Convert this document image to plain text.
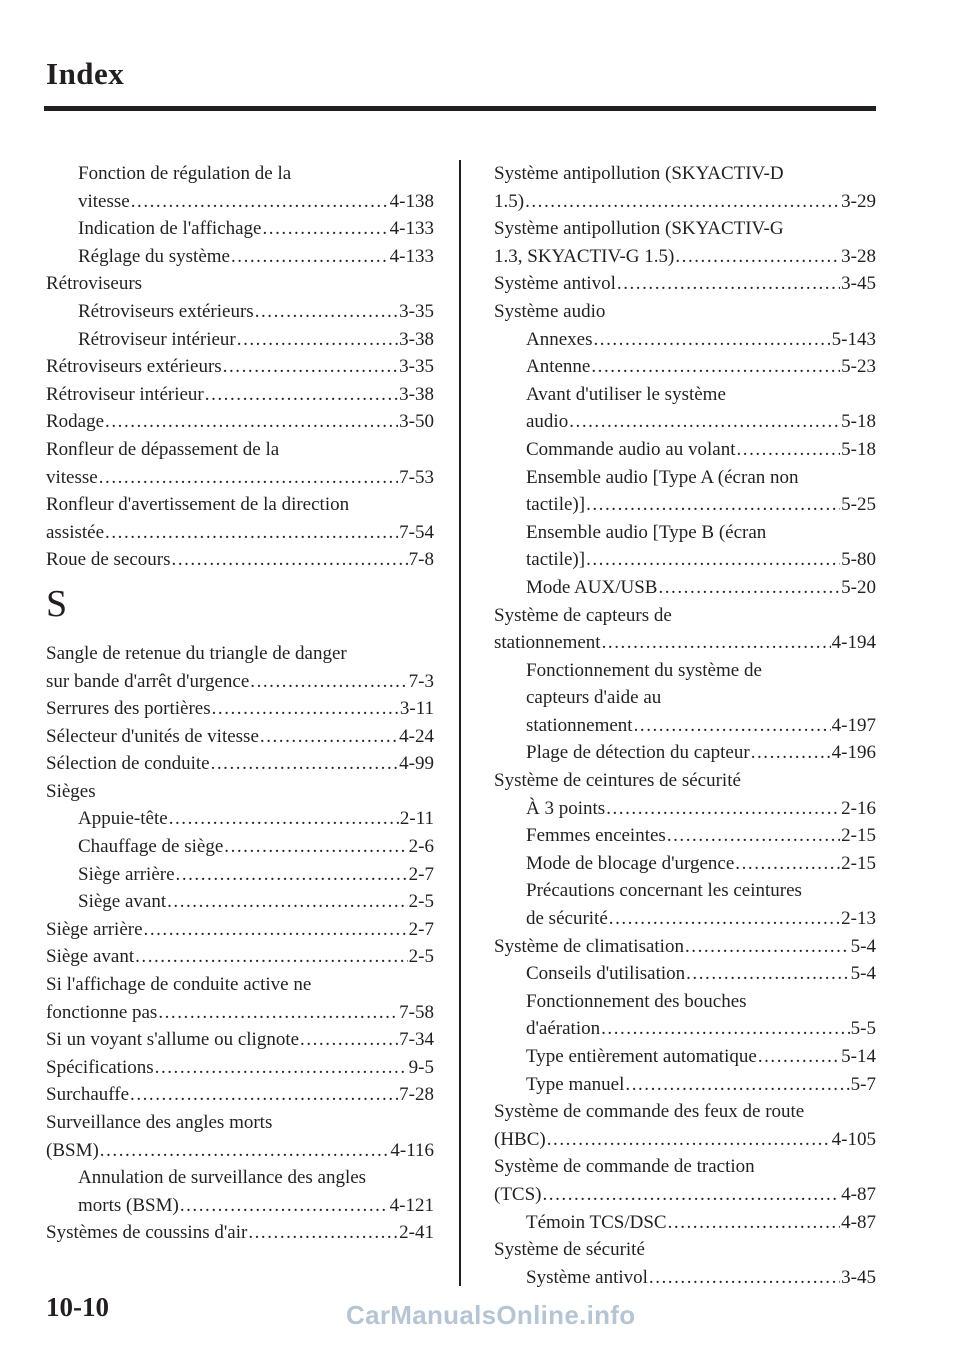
Index
Fonction de régulation de la
vitesse . . .	4-138
Indication de l'affichage . . .	4-133
Réglage du système . . .	4-133
Rétroviseurs
Rétroviseurs extérieurs . . .	3-35
Rétroviseur intérieur . . .	3-38
Rétroviseurs extérieurs . . .	3-35
Rétroviseur intérieur . . .	3-38
Rodage . . .	3-50
Ronfleur de dépassement de la
vitesse . . .	7-53
Ronfleur d'avertissement de la direction
assistée . . .	7-54
Roue de secours . . .	7-8
S
Sangle de retenue du triangle de danger
sur bande d'arrêt d'urgence . . .	7-3
Serrures des portières . . .	3-11
Sélecteur d'unités de vitesse . . .	4-24
Sélection de conduite . . .	4-99
Sièges
Appuie-tête . . .	2-11
Chauffage de siège . . .	2-6
Siège arrière . . .	2-7
Siège avant . . .	2-5
Siège arrière . . .	2-7
Siège avant . . .	2-5
Si l'affichage de conduite active ne
fonctionne pas . . .	7-58
Si un voyant s'allume ou clignote . . .	7-34
Spécifications . . .	9-5
Surchauffe . . .	7-28
Surveillance des angles morts
(BSM) . . .	4-116
Annulation de surveillance des angles
morts (BSM) . . .	4-121
Systèmes de coussins d'air . . .	2-41
Système antipollution (SKYACTIV-D
1.5) . . .	3-29
Système antipollution (SKYACTIV-G
1.3, SKYACTIV-G 1.5) . . .	3-28
Système antivol . . .	3-45
Système audio
Annexes . . .	5-143
Antenne . . .	5-23
Avant d'utiliser le système
audio . . .	5-18
Commande audio au volant . . .	5-18
Ensemble audio [Type A (écran non
tactile)] . . .	5-25
Ensemble audio [Type B (écran
tactile)] . . .	5-80
Mode AUX/USB . . .	5-20
Système de capteurs de
stationnement . . .	4-194
Fonctionnement du système de
capteurs d'aide au
stationnement . . .	4-197
Plage de détection du capteur . . .	4-196
Système de ceintures de sécurité
À 3 points . . .	2-16
Femmes enceintes . . .	2-15
Mode de blocage d'urgence . . .	2-15
Précautions concernant les ceintures
de sécurité . . .	2-13
Système de climatisation . . .	5-4
Conseils d'utilisation . . .	5-4
Fonctionnement des bouches
d'aération . . .	5-5
Type entièrement automatique . . .	5-14
Type manuel . . .	5-7
Système de commande des feux de route
(HBC) . . .	4-105
Système de commande de traction
(TCS) . . .	4-87
Témoin TCS/DSC . . .	4-87
Système de sécurité
Système antivol . . .	3-45
10-10	CarManualsOnline.info
